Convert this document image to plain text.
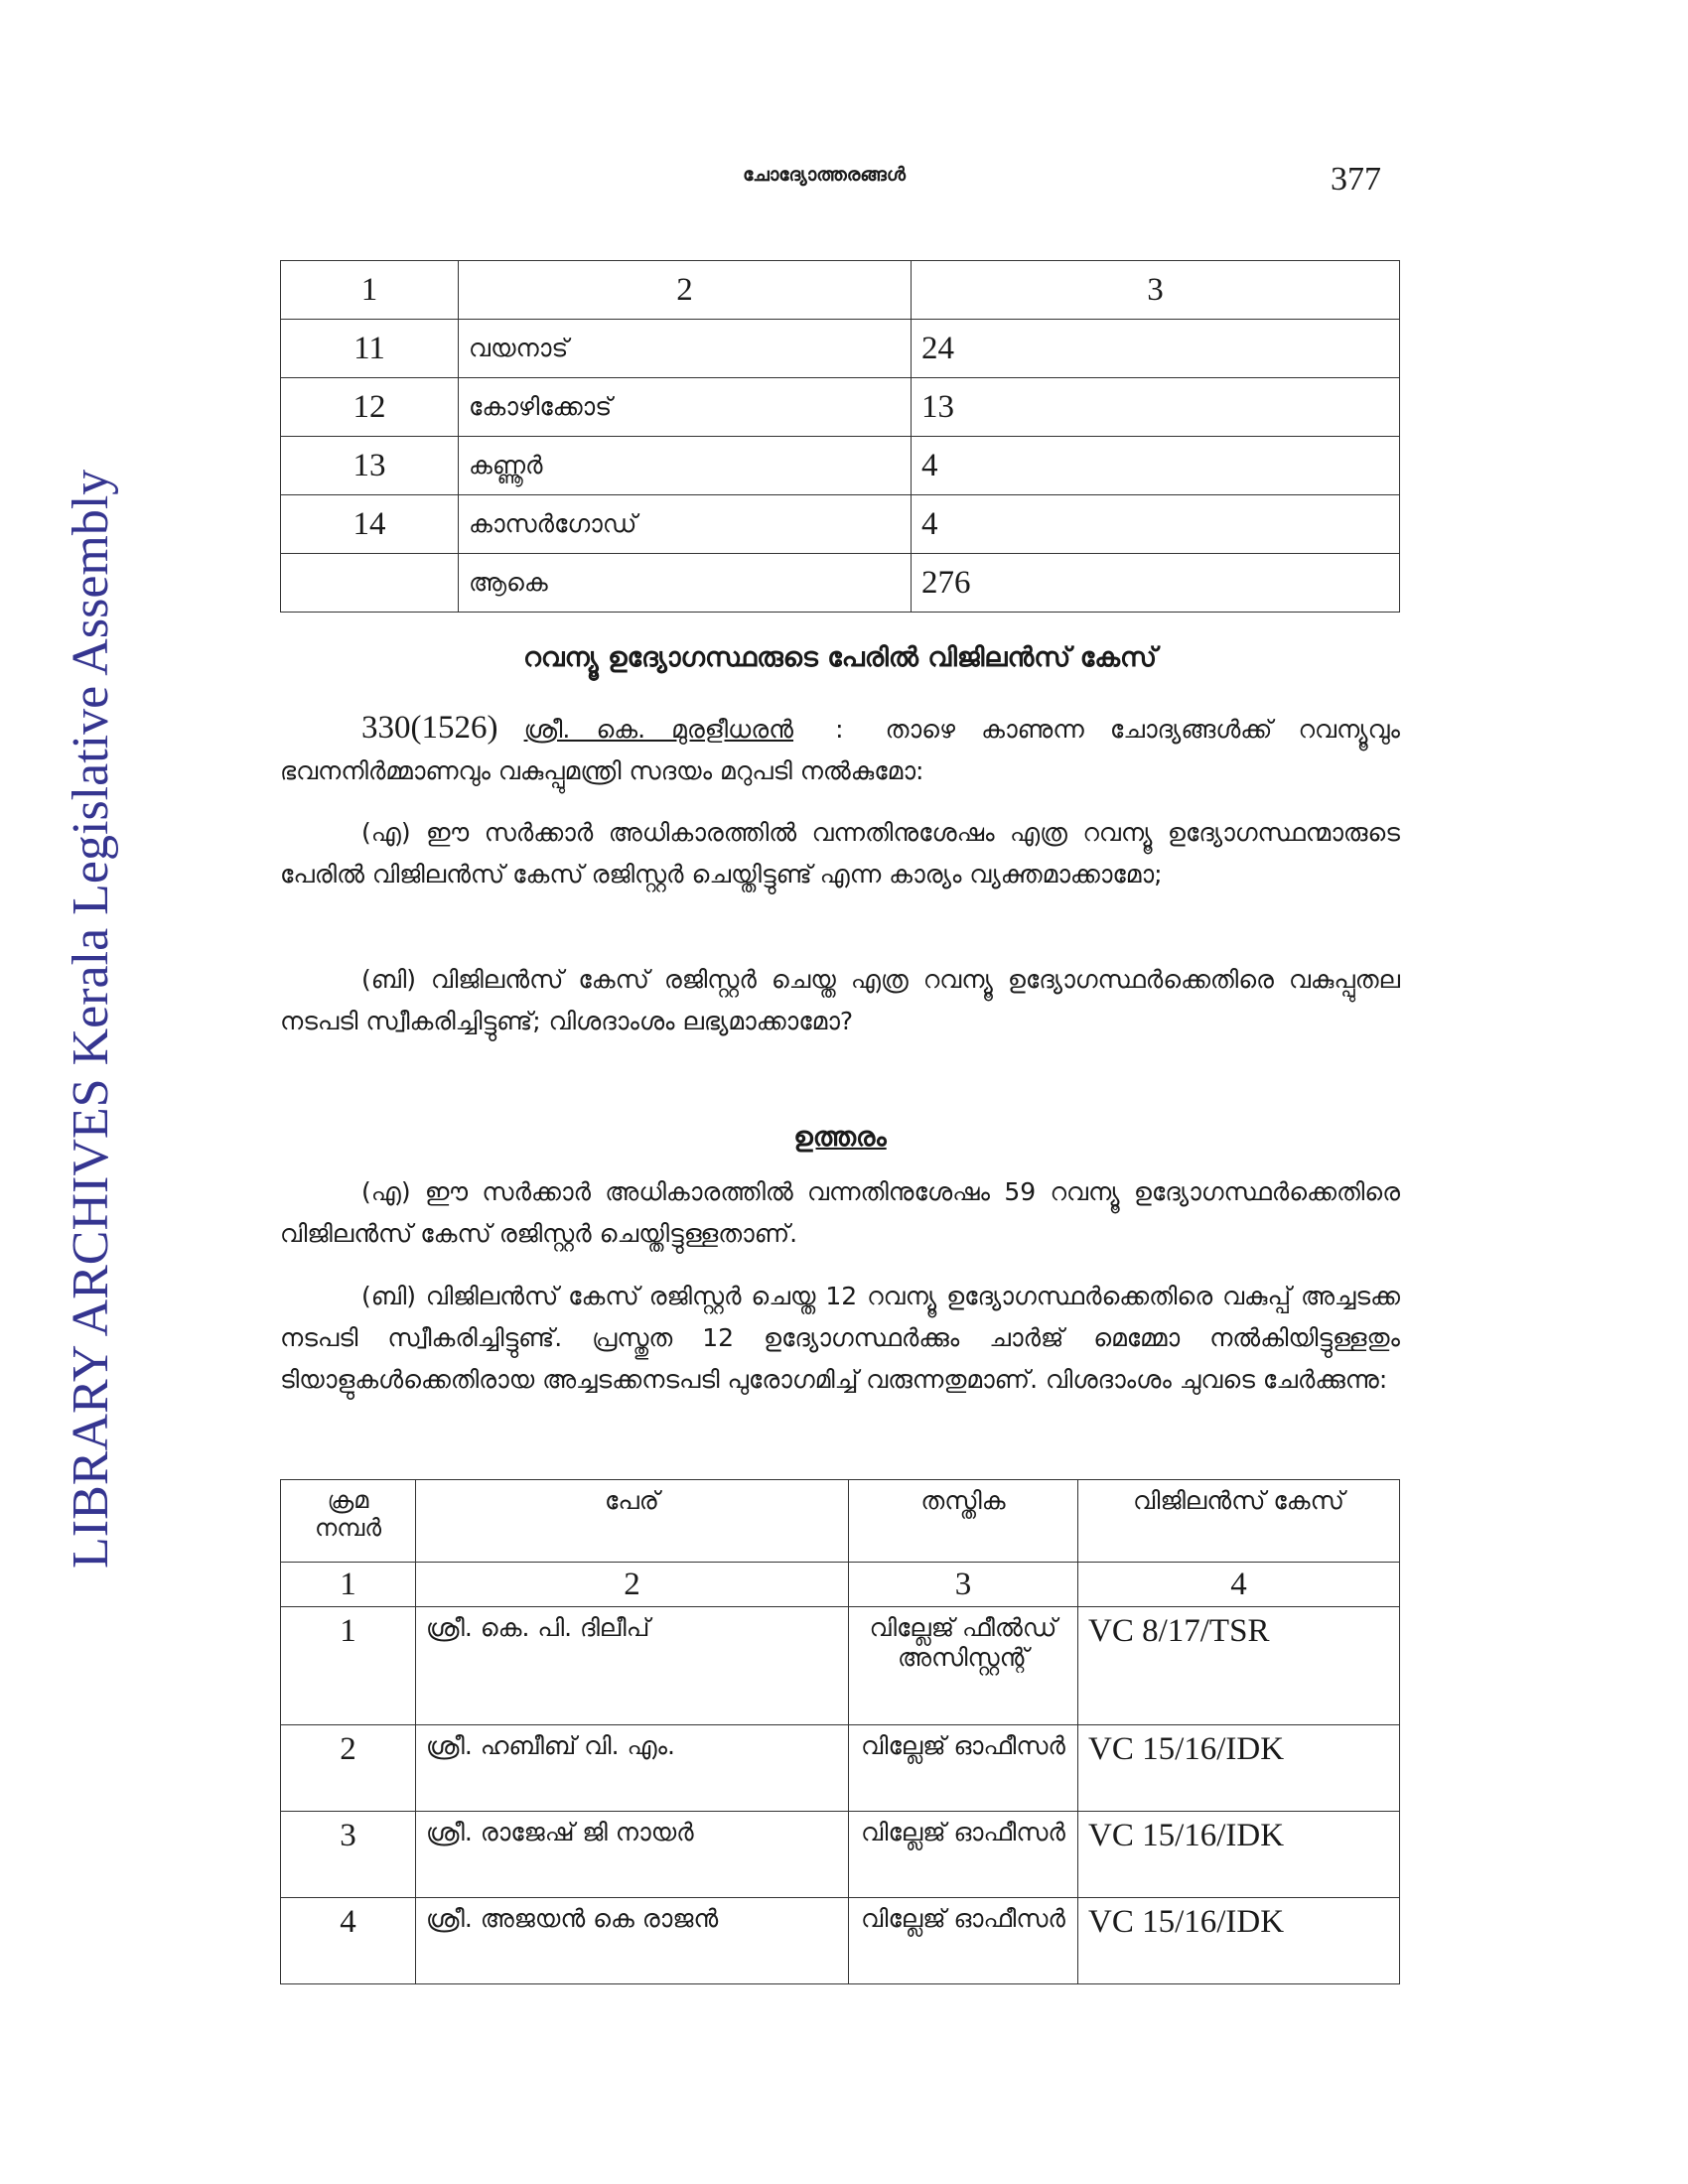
ചോദ്യോത്തരങ്ങൾ	377
LIBRARY ARCHIVES Kerala Legislative Assembly
1	2	3
11	വയനാട്	24
12	കോഴിക്കോട്	13
13	കണ്ണൂർ	4
14	കാസർഗോഡ്	4
	ആകെ	276
റവന്യൂ ഉദ്യോഗസ്ഥരുടെ പേരിൽ വിജിലൻസ് കേസ്
330(1526) ശ്രീ. കെ. മുരളീധരൻ : താഴെ കാണുന്ന ചോദ്യങ്ങൾക്ക് റവന്യൂവും ഭവനനിർമ്മാണവും വകുപ്പുമന്ത്രി സദയം മറുപടി നൽകുമോ:
(എ) ഈ സർക്കാർ അധികാരത്തിൽ വന്നതിനുശേഷം എത്ര റവന്യൂ ഉദ്യോഗസ്ഥന്മാരുടെ പേരിൽ വിജിലൻസ് കേസ് രജിസ്റ്റർ ചെയ്തിട്ടുണ്ട് എന്ന കാര്യം വ്യക്തമാക്കാമോ;
(ബി) വിജിലൻസ് കേസ് രജിസ്റ്റർ ചെയ്ത എത്ര റവന്യൂ ഉദ്യോഗസ്ഥർക്കെതിരെ വകുപ്പുതല നടപടി സ്വീകരിച്ചിട്ടുണ്ട്; വിശദാംശം ലഭ്യമാക്കാമോ?
ഉത്തരം
(എ) ഈ സർക്കാർ അധികാരത്തിൽ വന്നതിനുശേഷം 59 റവന്യൂ ഉദ്യോഗസ്ഥർക്കെതിരെ വിജിലൻസ് കേസ് രജിസ്റ്റർ ചെയ്തിട്ടുള്ളതാണ്.
(ബി) വിജിലൻസ് കേസ് രജിസ്റ്റർ ചെയ്ത 12 റവന്യൂ ഉദ്യോഗസ്ഥർക്കെതിരെ വകുപ്പ് അച്ചടക്ക നടപടി സ്വീകരിച്ചിട്ടുണ്ട്. പ്രസ്തുത 12 ഉദ്യോഗസ്ഥർക്കും ചാർജ് മെമ്മോ നൽകിയിട്ടുള്ളതും ടിയാളുകൾക്കെതിരായ അച്ചടക്കനടപടി പുരോഗമിച്ച് വരുന്നതുമാണ്. വിശദാംശം ചുവടെ ചേർക്കുന്നു:
ക്രമ നമ്പർ	പേര്	തസ്തിക	വിജിലൻസ് കേസ്
1	2	3	4
1	ശ്രീ. കെ. പി. ദിലീപ്	വില്ലേജ് ഫീൽഡ് അസിസ്റ്റന്റ്	VC 8/17/TSR
2	ശ്രീ. ഹബീബ് വി. എം.	വില്ലേജ് ഓഫീസർ	VC 15/16/IDK
3	ശ്രീ. രാജേഷ് ജി നായർ	വില്ലേജ് ഓഫീസർ	VC 15/16/IDK
4	ശ്രീ. അജയൻ കെ രാജൻ	വില്ലേജ് ഓഫീസർ	VC 15/16/IDK
